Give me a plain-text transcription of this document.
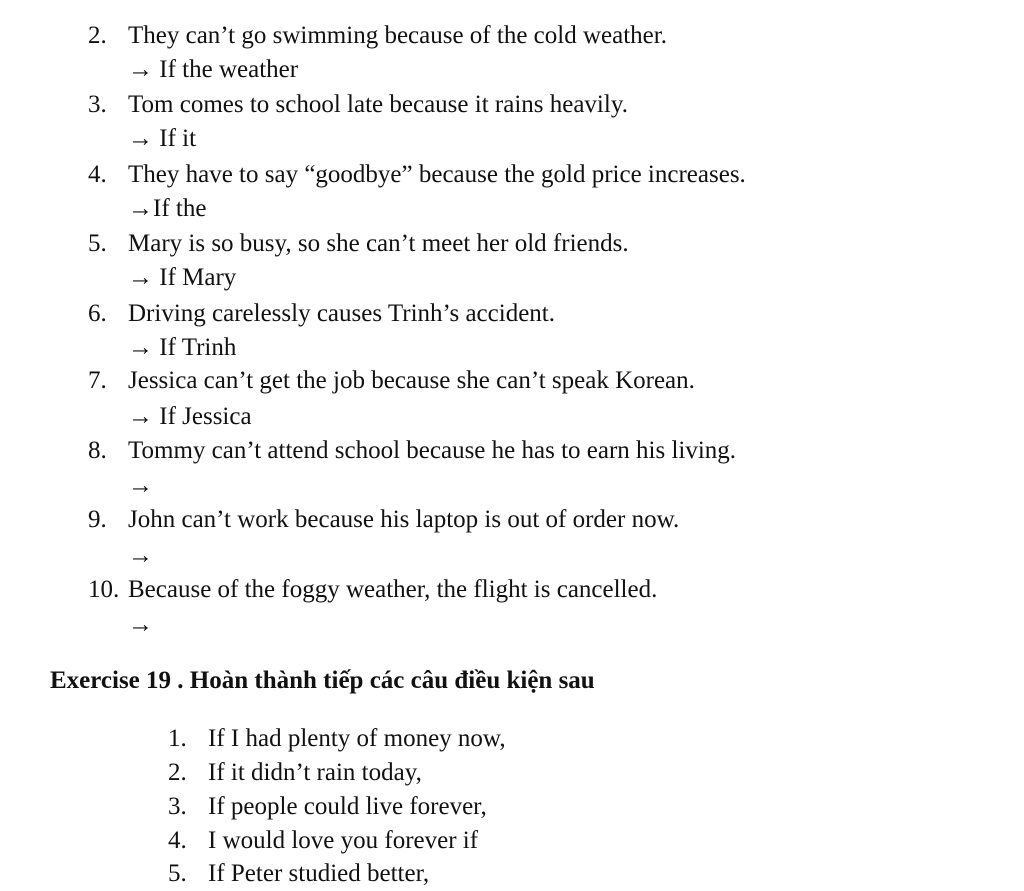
2. They can’t go swimming because of the cold weather.
→ If the weather
3. Tom comes to school late because it rains heavily.
→ If it
4. They have to say “goodbye” because the gold price increases.
→If the
5. Mary is so busy, so she can’t meet her old friends.
→ If Mary
6. Driving carelessly causes Trinh’s accident.
→ If Trinh
7. Jessica can’t get the job because she can’t speak Korean.
→ If Jessica
8. Tommy can’t attend school because he has to earn his living.
→
9. John can’t work because his laptop is out of order now.
→
10. Because of the foggy weather, the flight is cancelled.
→
Exercise 19 . Hoàn thành tiếp các câu điều kiện sau
1. If I had plenty of money now,
2. If it didn’t rain today,
3. If people could live forever,
4. I would love you forever if
5. If Peter studied better,
